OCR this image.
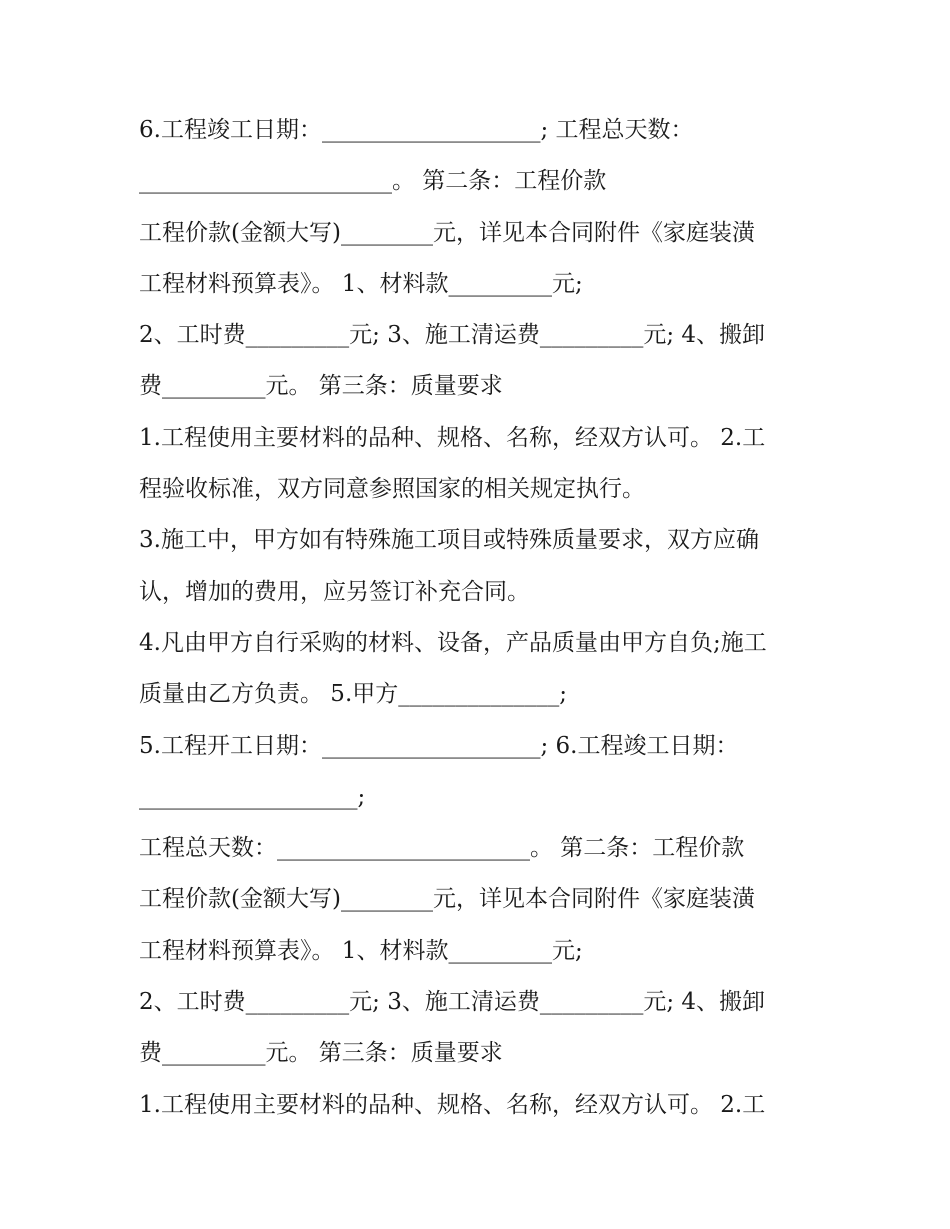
6.工程竣工日期：___________________; 工程总天数：
______________________。 第二条：工程价款
工程价款(金额大写)________元，详见本合同附件《家庭装潢
工程材料预算表》。 1、材料款_________元;
2、工时费_________元; 3、施工清运费_________元; 4、搬卸
费_________元。 第三条：质量要求
1.工程使用主要材料的品种、规格、名称，经双方认可。 2.工
程验收标准，双方同意参照国家的相关规定执行。
3.施工中，甲方如有特殊施工项目或特殊质量要求，双方应确
认，增加的费用，应另签订补充合同。
4.凡由甲方自行采购的材料、设备，产品质量由甲方自负;施工
质量由乙方负责。 5.甲方______________;
5.工程开工日期：___________________; 6.工程竣工日期：
___________________;
工程总天数：______________________。 第二条：工程价款
工程价款(金额大写)________元，详见本合同附件《家庭装潢
工程材料预算表》。 1、材料款_________元;
2、工时费_________元; 3、施工清运费_________元; 4、搬卸
费_________元。 第三条：质量要求
1.工程使用主要材料的品种、规格、名称，经双方认可。 2.工
